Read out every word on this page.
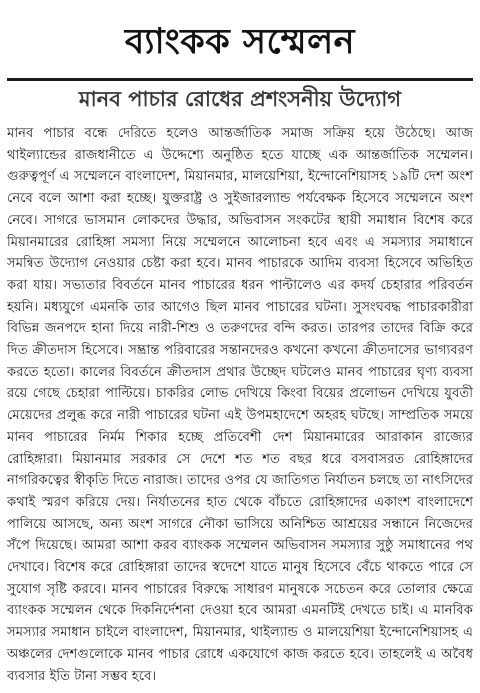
ব্যাংকক সম্মেলন
মানব পাচার রোধের প্রশংসনীয় উদ্যোগ

মানব পাচার বন্ধে দেরিতে হলেও আন্তর্জাতিক সমাজ সক্রিয় হয়ে উঠেছে। আজ থাইল্যান্ডের রাজধানীতে এ উদ্দেশ্যে অনুষ্ঠিত হতে যাচ্ছে এক আন্তর্জাতিক সম্মেলন। গুরুত্বপূর্ণ এ সম্মেলনে বাংলাদেশ, মিয়ানমার, মালয়েশিয়া, ইন্দোনেশিয়াসহ ১৯টি দেশ অংশ নেবে বলে আশা করা হচ্ছে। যুক্তরাষ্ট্র ও সুইজারল্যান্ড পর্যবেক্ষক হিসেবে সম্মেলনে অংশ নেবে। সাগরে ভাসমান লোকদের উদ্ধার, অভিবাসন সংকটের স্থায়ী সমাধান বিশেষ করে মিয়ানমারের রোহিঙ্গা সমস্যা নিয়ে সম্মেলনে আলোচনা হবে এবং এ সমস্যার সমাধানে সমন্বিত উদ্যোগ নেওয়ার চেষ্টা করা হবে। মানব পাচারকে আদিম ব্যবসা হিসেবে অভিহিত করা যায়। সভ্যতার বিবর্তনে মানব পাচারের ধরন পাল্টালেও এর কদর্য চেহারার পরিবর্তন হয়নি। মধ্যযুগে এমনকি তার আগেও ছিল মানব পাচারের ঘটনা। সুসংঘবদ্ধ পাচারকারীরা বিভিন্ন জনপদে হানা দিয়ে নারী-শিশু ও তরুণদের বন্দি করত। তারপর তাদের বিক্রি করে দিত ক্রীতদাস হিসেবে। সম্ভ্রান্ত পরিবারের সন্তানদেরও কখনো কখনো ক্রীতদাসের ভাগ্যবরণ করতে হতো। কালের বিবর্তনে ক্রীতদাস প্রথার উচ্ছেদ ঘটলেও মানব পাচারের ঘৃণ্য ব্যবসা রয়ে গেছে চেহারা পাল্টিয়ে। চাকরির লোভ দেখিয়ে কিংবা বিয়ের প্রলোভন দেখিয়ে যুবতী মেয়েদের প্রলুব্ধ করে নারী পাচারের ঘটনা এই উপমহাদেশে অহরহ ঘটছে। সাম্প্রতিক সময়ে মানব পাচারের নির্মম শিকার হচ্ছে প্রতিবেশী দেশ মিয়ানমারের আরাকান রাজ্যের রোহিঙ্গারা। মিয়ানমার সরকার সে দেশে শত শত বছর ধরে বসবাসরত রোহিঙ্গাদের নাগরিকত্বের স্বীকৃতি দিতে নারাজ। তাদের ওপর যে জাতিগত নির্যাতন চলছে তা নাৎসিদের কথাই স্মরণ করিয়ে দেয়। নির্যাতনের হাত থেকে বাঁচতে রোহিঙ্গাদের একাংশ বাংলাদেশে পালিয়ে আসছে, অন্য অংশ সাগরে নৌকা ভাসিয়ে অনিশ্চিত আশ্রয়ের সন্ধানে নিজেদের সঁপে দিয়েছে। আমরা আশা করব ব্যাংকক সম্মেলন অভিবাসন সমস্যার সুষ্ঠু সমাধানের পথ দেখাবে। বিশেষ করে রোহিঙ্গারা তাদের স্বদেশে যাতে মানুষ হিসেবে বেঁচে থাকতে পারে সে সুযোগ সৃষ্টি করবে। মানব পাচারের বিরুদ্ধে সাধারণ মানুষকে সচেতন করে তোলার ক্ষেত্রে ব্যাংকক সম্মেলন থেকে দিকনির্দেশনা দেওয়া হবে আমরা এমনটিই দেখতে চাই। এ মানবিক সমস্যার সমাধান চাইলে বাংলাদেশ, মিয়ানমার, থাইল্যান্ড ও মালয়েশিয়া ইন্দোনেশিয়াসহ এ অঞ্চলের দেশগুলোকে মানব পাচার রোধে একযোগে কাজ করতে হবে। তাহলেই এ অবৈধ ব্যবসার ইতি টানা সম্ভব হবে।
